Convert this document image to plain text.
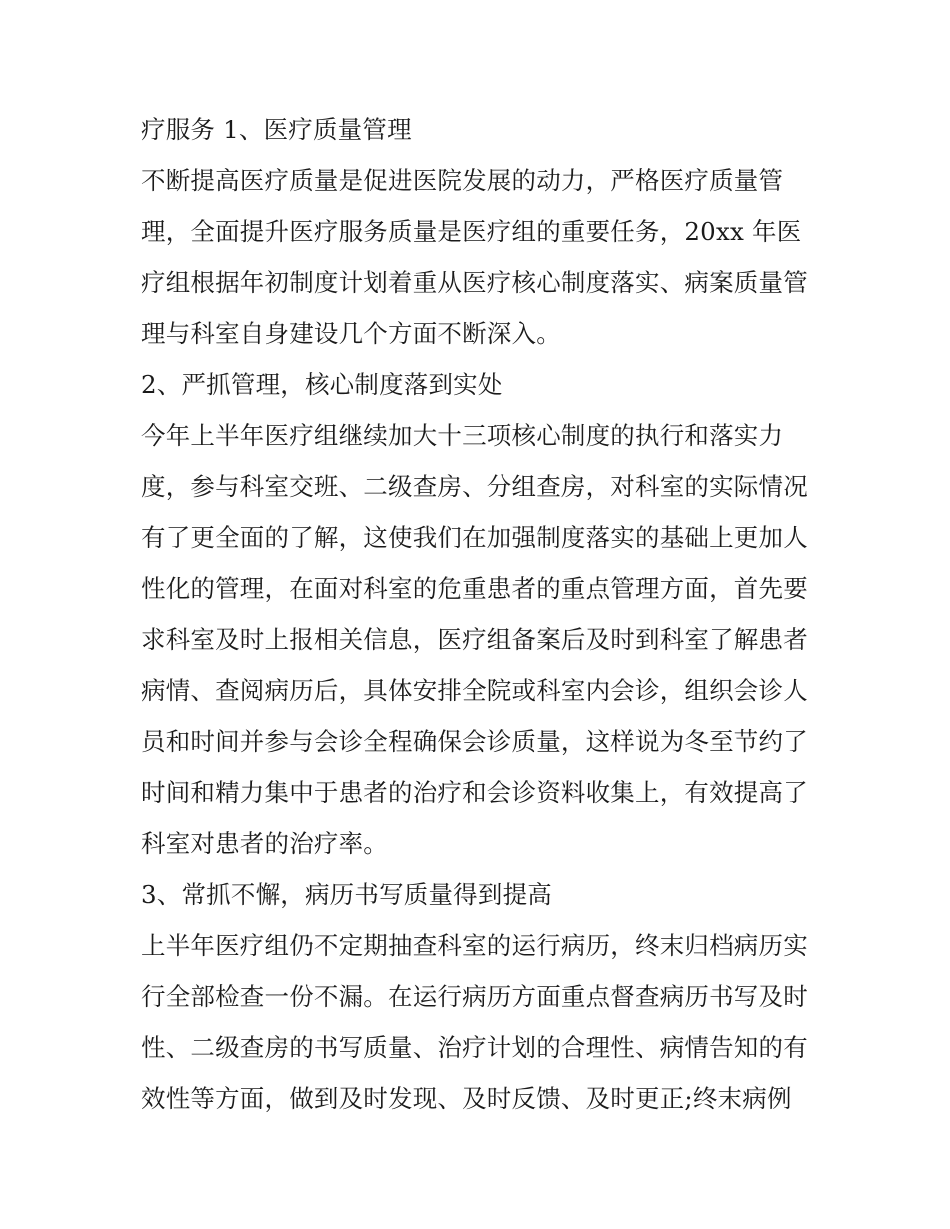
疗服务 1、医疗质量管理
不断提高医疗质量是促进医院发展的动力，严格医疗质量管
理，全面提升医疗服务质量是医疗组的重要任务，20xx 年医
疗组根据年初制度计划着重从医疗核心制度落实、病案质量管
理与科室自身建设几个方面不断深入。
2、严抓管理，核心制度落到实处
今年上半年医疗组继续加大十三项核心制度的执行和落实力
度，参与科室交班、二级查房、分组查房，对科室的实际情况
有了更全面的了解，这使我们在加强制度落实的基础上更加人
性化的管理，在面对科室的危重患者的重点管理方面，首先要
求科室及时上报相关信息，医疗组备案后及时到科室了解患者
病情、查阅病历后，具体安排全院或科室内会诊，组织会诊人
员和时间并参与会诊全程确保会诊质量，这样说为冬至节约了
时间和精力集中于患者的治疗和会诊资料收集上，有效提高了
科室对患者的治疗率。
3、常抓不懈，病历书写质量得到提高
上半年医疗组仍不定期抽查科室的运行病历，终末归档病历实
行全部检查一份不漏。在运行病历方面重点督查病历书写及时
性、二级查房的书写质量、治疗计划的合理性、病情告知的有
效性等方面，做到及时发现、及时反馈、及时更正;终末病例
